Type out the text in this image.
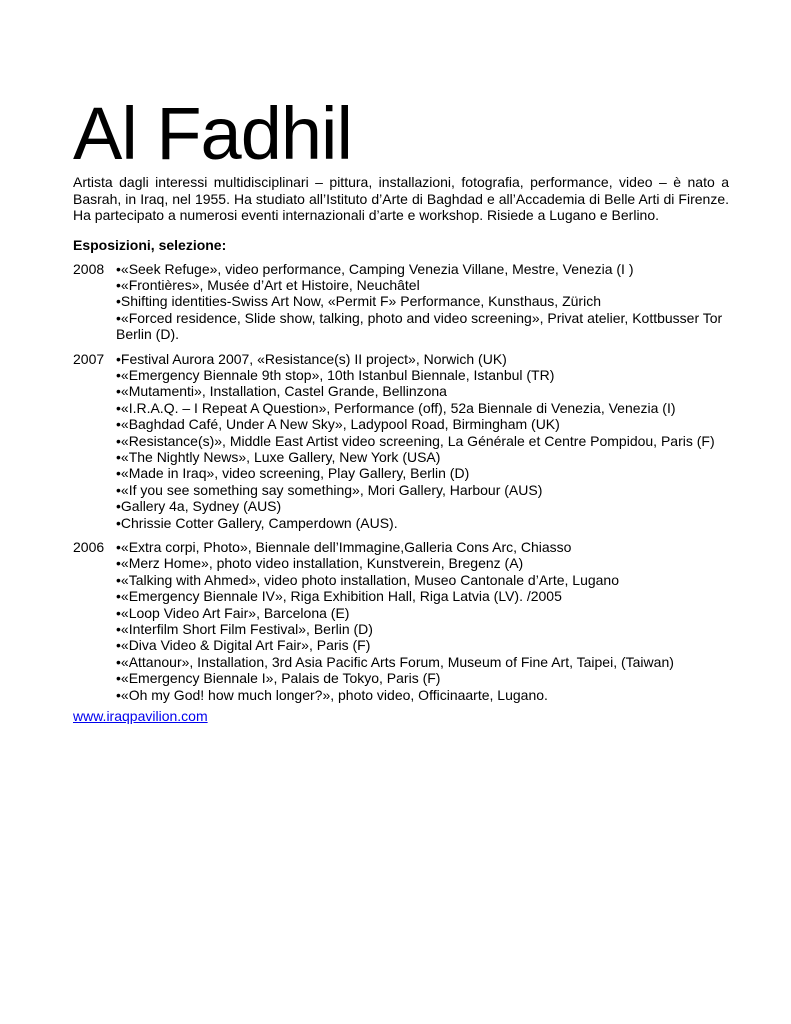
Al Fadhil

Artista dagli interessi multidisciplinari – pittura, installazioni, fotografia, performance, video – è nato a Basrah, in Iraq, nel 1955. Ha studiato all’Istituto d’Arte di Baghdad e all’Accademia di Belle Arti di Firenze. Ha partecipato a numerosi eventi internazionali d’arte e workshop. Risiede a Lugano e Berlino.

Esposizioni, selezione:

2008 •«Seek Refuge», video performance, Camping Venezia Villane, Mestre, Venezia (I )
•«Frontières», Musée d’Art et Histoire, Neuchâtel
•Shifting identities-Swiss Art Now, «Permit F» Performance, Kunsthaus, Zürich
•«Forced residence, Slide show, talking, photo and video screening», Privat atelier, Kottbusser Tor Berlin (D).
2007 •Festival Aurora 2007, «Resistance(s) II project», Norwich (UK)
•«Emergency Biennale 9th stop», 10th Istanbul Biennale, Istanbul (TR)
•«Mutamenti», Installation, Castel Grande, Bellinzona
•«I.R.A.Q. – I Repeat A Question», Performance (off), 52a Biennale di Venezia, Venezia (I)
•«Baghdad Café, Under A New Sky», Ladypool Road, Birmingham (UK)
•«Resistance(s)», Middle East Artist video screening, La Générale et Centre Pompidou, Paris (F)
•«The Nightly News», Luxe Gallery, New York (USA)
•«Made in Iraq», video screening, Play Gallery, Berlin (D)
•«If you see something say something», Mori Gallery, Harbour (AUS)
•Gallery 4a, Sydney (AUS)
•Chrissie Cotter Gallery, Camperdown (AUS).
2006 •«Extra corpi, Photo», Biennale dell’Immagine,Galleria Cons Arc, Chiasso
•«Merz Home», photo video installation, Kunstverein, Bregenz (A)
•«Talking with Ahmed», video photo installation, Museo Cantonale d’Arte, Lugano
•«Emergency Biennale IV», Riga Exhibition Hall, Riga Latvia (LV). /2005
•«Loop Video Art Fair», Barcelona (E)
•«Interfilm Short Film Festival», Berlin (D)
•«Diva Video & Digital Art Fair», Paris (F)
•«Attanour», Installation, 3rd Asia Pacific Arts Forum, Museum of Fine Art, Taipei, (Taiwan)
•«Emergency Biennale I», Palais de Tokyo, Paris (F)
•«Oh my God! how much longer?», photo video, Officinaarte, Lugano.
www.iraqpavilion.com
